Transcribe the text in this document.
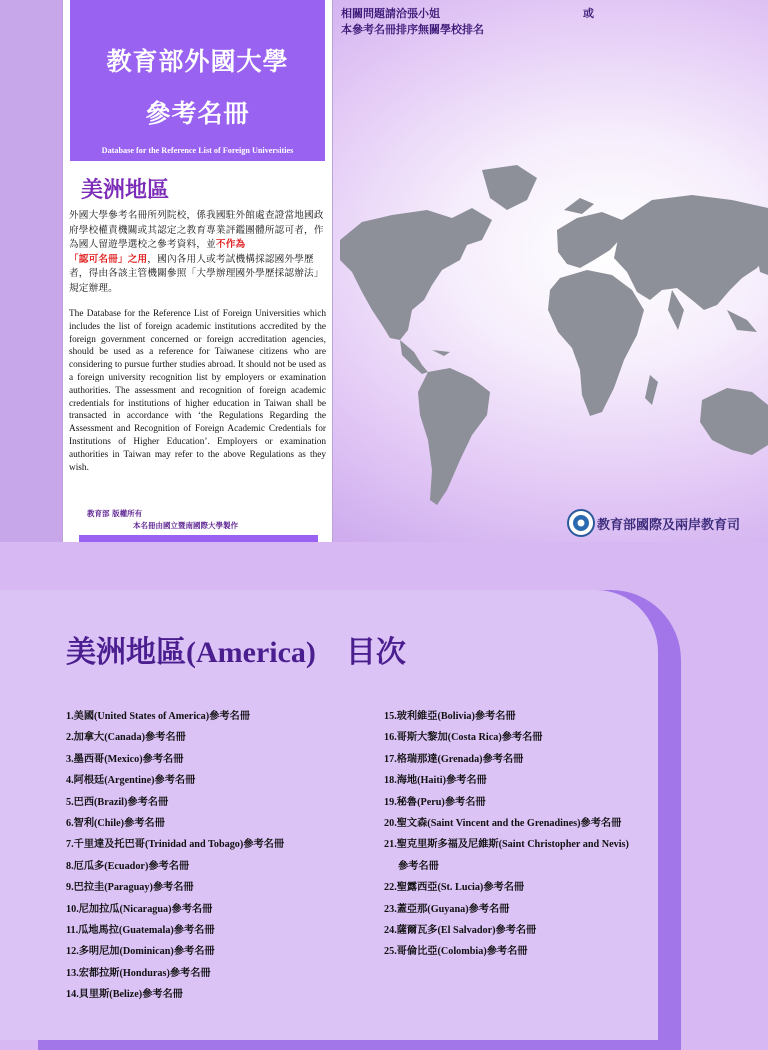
教育部外國大學
參考名冊
Database for the Reference List of Foreign Universities
美洲地區

外國大學參考名冊所列院校，係我國駐外館處查證當地國政府學校權責機關或其認定之教育專業評鑑團體所認可者，作為國人留遊學選校之參考資料，並不作為
「認可名冊」之用，國內各用人或考試機構採認國外學歷者，得由各該主管機關參照「大學辦理國外學歷採認辦法」規定辦理。

The Database for the Reference List of Foreign Universities which includes the list of foreign academic institutions accredited by the foreign government concerned or foreign accreditation agencies, should be used as a reference for Taiwanese citizens who are considering to pursue further studies abroad. It should not be used as a foreign university recognition list by employers or examination authorities. The assessment and recognition of foreign academic credentials for institutions of higher education in Taiwan shall be transacted in accordance with ‘the Regulations Regarding the Assessment and Recognition of Foreign Academic Credentials for Institutions of Higher Education’. Employers or examination authorities in Taiwan may refer to the above Regulations as they wish.

教育部 版權所有
本名冊由國立暨南國際大學製作
相關問題請洽張小姐	或
本參考名冊排序無關學校排名
教育部國際及兩岸教育司
美洲地區(America)　目次
1.美國(United States of America)參考名冊
2.加拿大(Canada)參考名冊
3.墨西哥(Mexico)參考名冊
4.阿根廷(Argentine)參考名冊
5.巴西(Brazil)參考名冊
6.智利(Chile)參考名冊
7.千里達及托巴哥(Trinidad and Tobago)參考名冊
8.厄瓜多(Ecuador)參考名冊
9.巴拉圭(Paraguay)參考名冊
10.尼加拉瓜(Nicaragua)參考名冊
11.瓜地馬拉(Guatemala)參考名冊
12.多明尼加(Dominican)參考名冊
13.宏都拉斯(Honduras)參考名冊
14.貝里斯(Belize)參考名冊
15.玻利維亞(Bolivia)參考名冊
16.哥斯大黎加(Costa Rica)參考名冊
17.格瑞那達(Grenada)參考名冊
18.海地(Haiti)參考名冊
19.秘魯(Peru)參考名冊
20.聖文森(Saint Vincent and the Grenadines)參考名冊
21.聖克里斯多福及尼維斯(Saint Christopher and Nevis)
參考名冊
22.聖露西亞(St. Lucia)參考名冊
23.蓋亞那(Guyana)參考名冊
24.薩爾瓦多(El Salvador)參考名冊
25.哥倫比亞(Colombia)參考名冊
